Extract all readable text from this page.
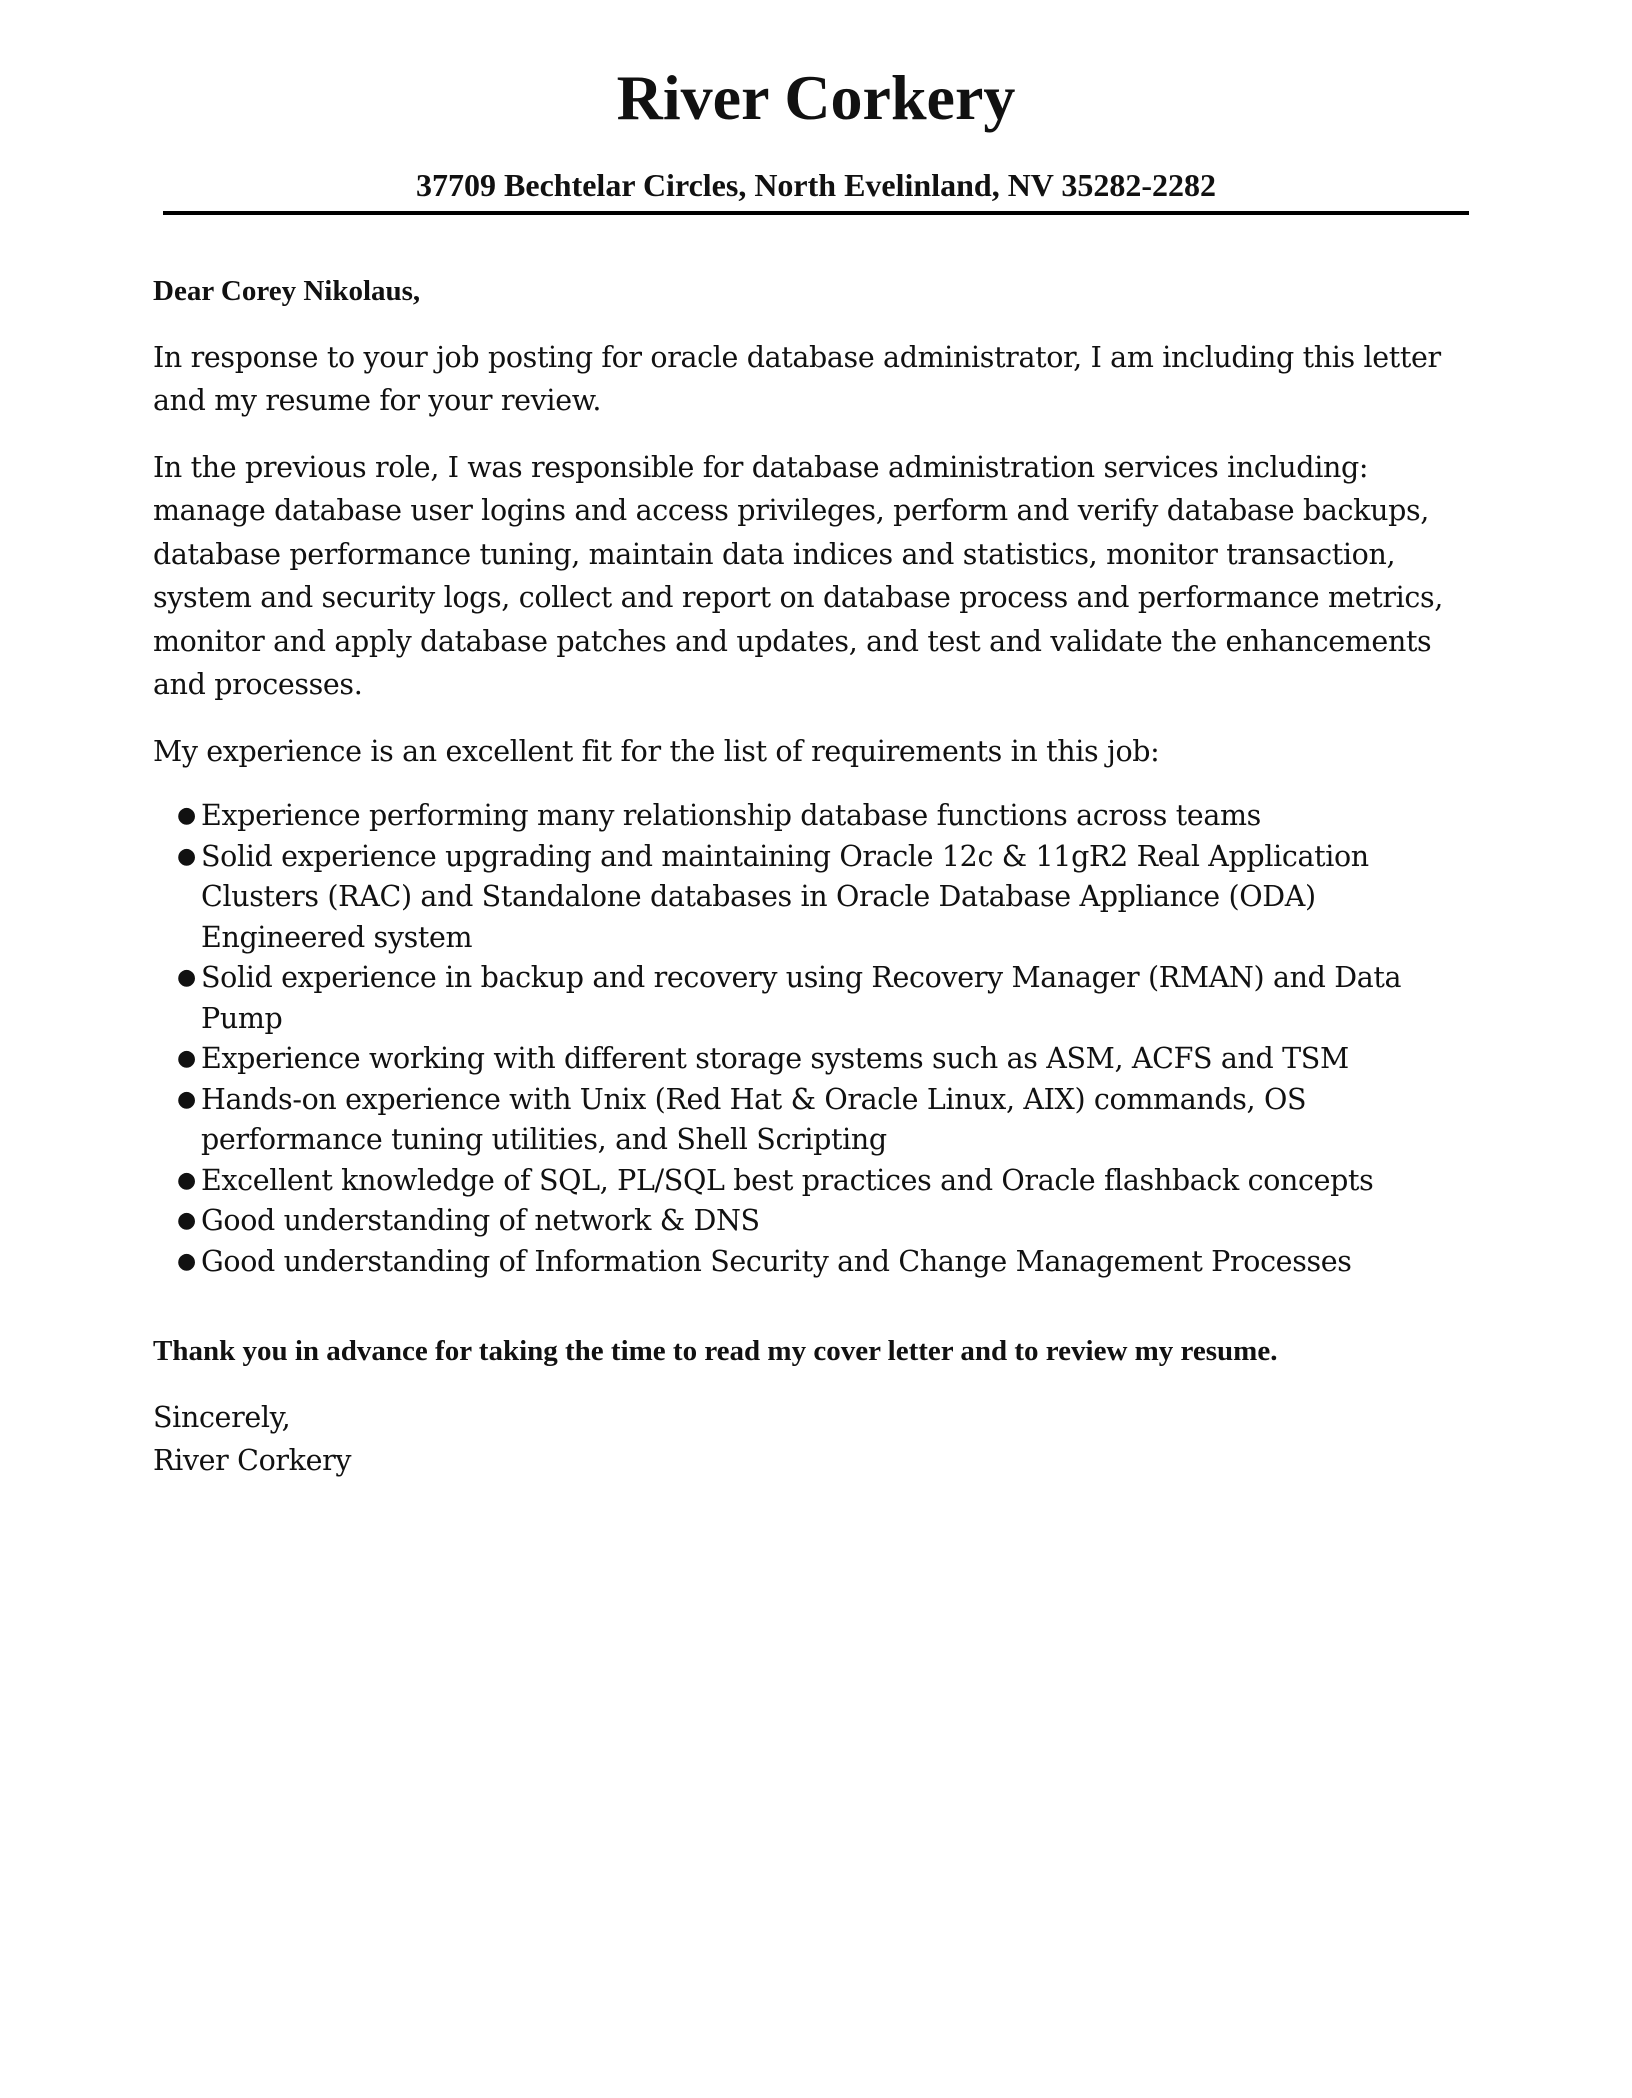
River Corkery
37709 Bechtelar Circles, North Evelinland, NV 35282-2282

Dear Corey Nikolaus,

In response to your job posting for oracle database administrator, I am including this letter and my resume for your review.

In the previous role, I was responsible for database administration services including: manage database user logins and access privileges, perform and verify database backups, database performance tuning, maintain data indices and statistics, monitor transaction, system and security logs, collect and report on database process and performance metrics, monitor and apply database patches and updates, and test and validate the enhancements and processes.

My experience is an excellent fit for the list of requirements in this job:

● Experience performing many relationship database functions across teams
● Solid experience upgrading and maintaining Oracle 12c & 11gR2 Real Application Clusters (RAC) and Standalone databases in Oracle Database Appliance (ODA) Engineered system
● Solid experience in backup and recovery using Recovery Manager (RMAN) and Data Pump
● Experience working with different storage systems such as ASM, ACFS and TSM
● Hands-on experience with Unix (Red Hat & Oracle Linux, AIX) commands, OS performance tuning utilities, and Shell Scripting
● Excellent knowledge of SQL, PL/SQL best practices and Oracle flashback concepts
● Good understanding of network & DNS
● Good understanding of Information Security and Change Management Processes

Thank you in advance for taking the time to read my cover letter and to review my resume.

Sincerely,

River Corkery
